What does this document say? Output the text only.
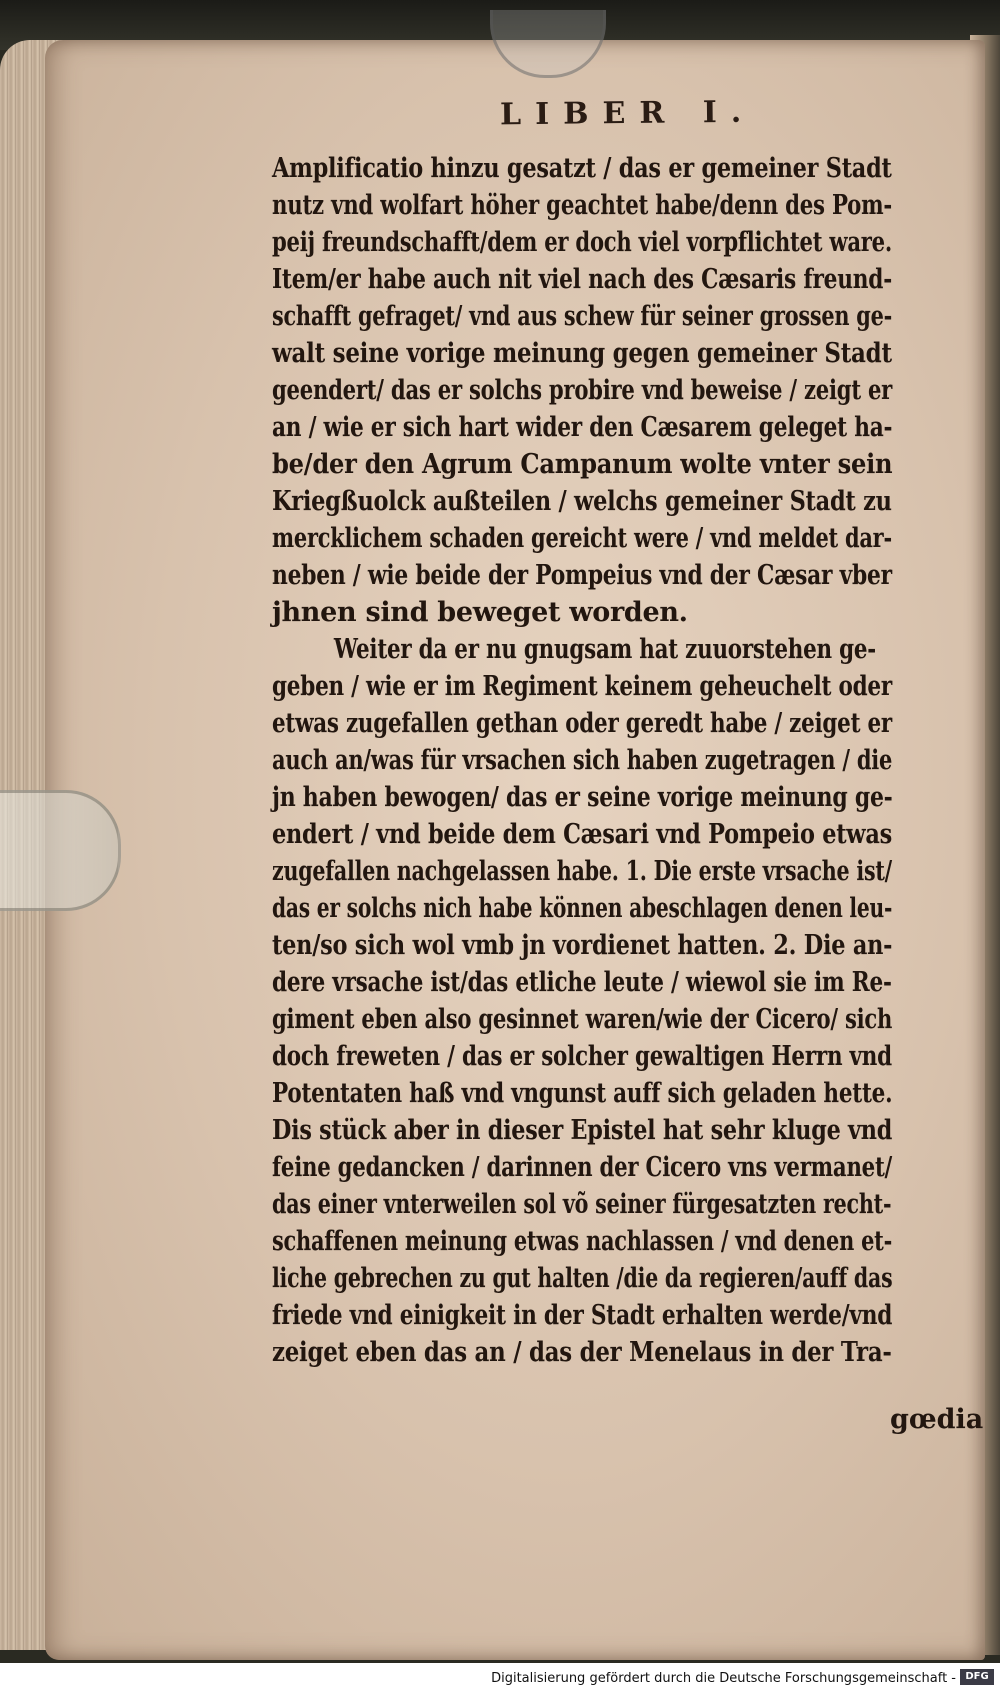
LIBER I.
Amplificatio hinzu gesatzt / das er gemeiner Stadt
nutz vnd wolfart höher geachtet habe/denn des Pom-
peij freundschafft/dem er doch viel vorpflichtet ware.
Item/er habe auch nit viel nach des Cæsaris freund-
schafft gefraget/ vnd aus schew für seiner grossen ge-
walt seine vorige meinung gegen gemeiner Stadt
geendert/ das er solchs probire vnd beweise / zeigt er
an / wie er sich hart wider den Cæsarem geleget ha-
be/der den Agrum Campanum wolte vnter sein
Kriegßuolck außteilen / welchs gemeiner Stadt zu
mercklichem schaden gereicht were / vnd meldet dar-
neben / wie beide der Pompeius vnd der Cæsar vber
jhnen sind beweget worden.
Weiter da er nu gnugsam hat zuuorstehen ge-
geben / wie er im Regiment keinem geheuchelt oder
etwas zugefallen gethan oder geredt habe / zeiget er
auch an/was für vrsachen sich haben zugetragen / die
jn haben bewogen/ das er seine vorige meinung ge-
endert / vnd beide dem Cæsari vnd Pompeio etwas
zugefallen nachgelassen habe. 1. Die erste vrsache ist/
das er solchs nich habe können abeschlagen denen leu-
ten/so sich wol vmb jn vordienet hatten. 2. Die an-
dere vrsache ist/das etliche leute / wiewol sie im Re-
giment eben also gesinnet waren/wie der Cicero/ sich
doch freweten / das er solcher gewaltigen Herrn vnd
Potentaten haß vnd vngunst auff sich geladen hette.
Dis stück aber in dieser Epistel hat sehr kluge vnd
feine gedancken / darinnen der Cicero vns vermanet/
das einer vnterweilen sol võ seiner fürgesatzten recht-
schaffenen meinung etwas nachlassen / vnd denen et-
liche gebrechen zu gut halten /die da regieren/auff das
friede vnd einigkeit in der Stadt erhalten werde/vnd
zeiget eben das an / das der Menelaus in der Tra-
gœdia
Digitalisierung gefördert durch die Deutsche Forschungsgemeinschaft - DFG
